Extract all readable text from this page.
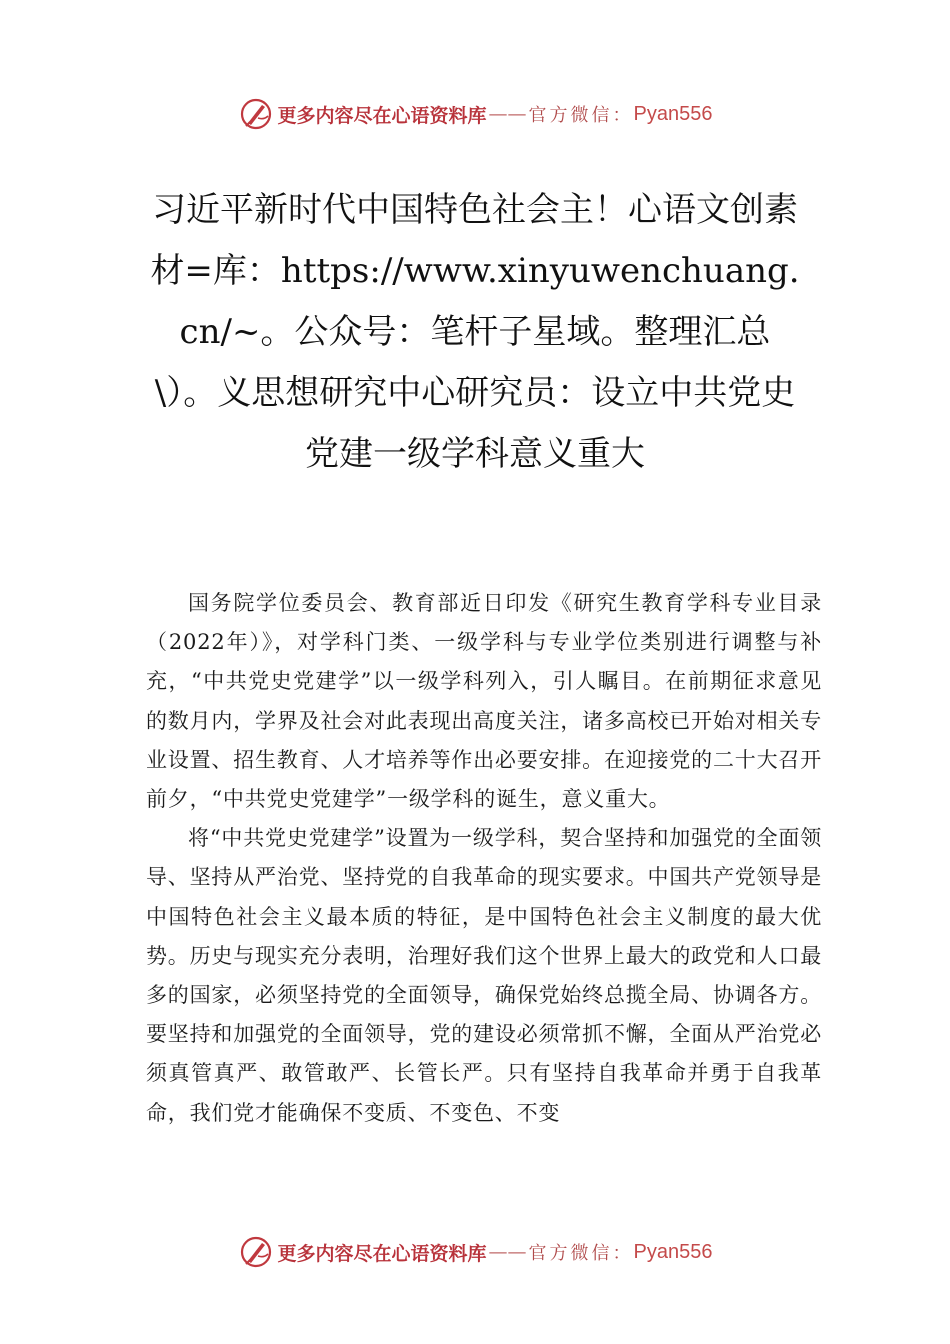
更多内容尽在心语资料库 —— 官方微信： Pyan556
习近平新时代中国特色社会主！心语文创素材=库：https://www.xinyuwenchuang.cn/~。公众号：笔杆子星域。整理汇总\）。义思想研究中心研究员：设立中共党史党建一级学科意义重大

国务院学位委员会、教育部近日印发《研究生教育学科专业目录（2022年）》，对学科门类、一级学科与专业学位类别进行调整与补充，“中共党史党建学”以一级学科列入，引人瞩目。在前期征求意见的数月内，学界及社会对此表现出高度关注，诸多高校已开始对相关专业设置、招生教育、人才培养等作出必要安排。在迎接党的二十大召开前夕，“中共党史党建学”一级学科的诞生，意义重大。

将“中共党史党建学”设置为一级学科，契合坚持和加强党的全面领导、坚持从严治党、坚持党的自我革命的现实要求。中国共产党领导是中国特色社会主义最本质的特征，是中国特色社会主义制度的最大优势。历史与现实充分表明，治理好我们这个世界上最大的政党和人口最多的国家，必须坚持党的全面领导，确保党始终总揽全局、协调各方。要坚持和加强党的全面领导，党的建设必须常抓不懈，全面从严治党必须真管真严、敢管敢严、长管长严。只有坚持自我革命并勇于自我革命，我们党才能确保不变质、不变色、不变

更多内容尽在心语资料库 —— 官方微信： Pyan556
